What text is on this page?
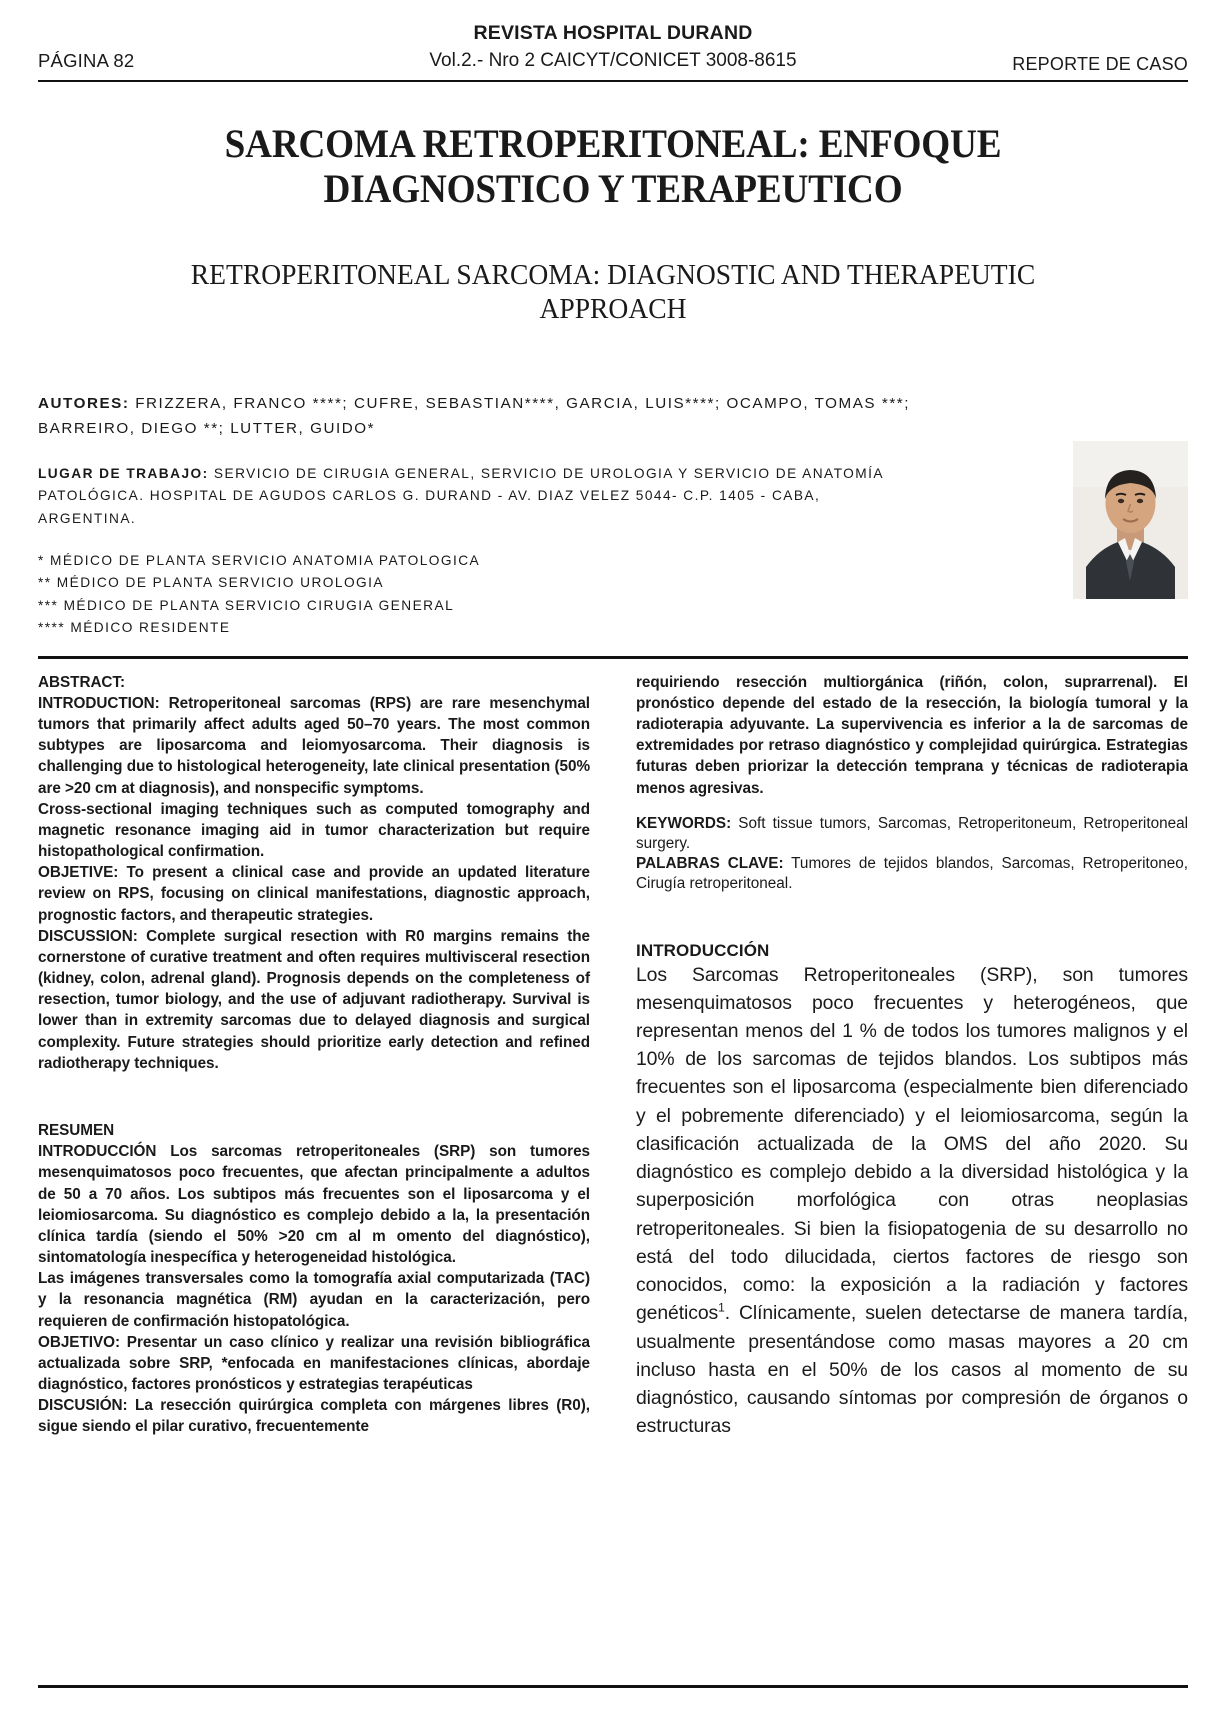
REVISTA HOSPITAL DURAND
Vol.2.- Nro 2 CAICYT/CONICET 3008-8615
PÁGINA 82	REPORTE DE CASO
SARCOMA RETROPERITONEAL: ENFOQUE DIAGNOSTICO Y TERAPEUTICO
RETROPERITONEAL SARCOMA: DIAGNOSTIC AND THERAPEUTIC APPROACH
AUTORES: FRIZZERA, FRANCO ****; CUFRE, SEBASTIAN****, GARCIA, LUIS****; OCAMPO, TOMAS ***; BARREIRO, DIEGO **; LUTTER, GUIDO*
LUGAR DE TRABAJO: SERVICIO DE CIRUGIA GENERAL, SERVICIO DE UROLOGIA Y SERVICIO DE ANATOMÍA PATOLÓGICA. HOSPITAL DE AGUDOS CARLOS G. DURAND - AV. DIAZ VELEZ 5044- C.P. 1405 - CABA, ARGENTINA.
* MÉDICO DE PLANTA SERVICIO ANATOMIA PATOLOGICA
** MÉDICO DE PLANTA SERVICIO UROLOGIA
*** MÉDICO DE PLANTA SERVICIO CIRUGIA GENERAL
**** MÉDICO RESIDENTE

ABSTRACT:

INTRODUCTION: Retroperitoneal sarcomas (RPS) are rare mesenchymal tumors that primarily affect adults aged 50–70 years. The most common subtypes are liposarcoma and leiomyosarcoma. Their diagnosis is challenging due to histological heterogeneity, late clinical presentation (50% are >20 cm at diagnosis), and nonspecific symptoms.

Cross-sectional imaging techniques such as computed tomography and magnetic resonance imaging aid in tumor characterization but require histopathological confirmation.

OBJETIVE: To present a clinical case and provide an updated literature review on RPS, focusing on clinical manifestations, diagnostic approach, prognostic factors, and therapeutic strategies.

DISCUSSION: Complete surgical resection with R0 margins remains the cornerstone of curative treatment and often requires multivisceral resection (kidney, colon, adrenal gland). Prognosis depends on the completeness of resection, tumor biology, and the use of adjuvant radiotherapy. Survival is lower than in extremity sarcomas due to delayed diagnosis and surgical complexity. Future strategies should prioritize early detection and refined radiotherapy techniques.

RESUMEN

INTRODUCCIÓN Los sarcomas retroperitoneales (SRP) son tumores mesenquimatosos poco frecuentes, que afectan principalmente a adultos de 50 a 70 años. Los subtipos más frecuentes son el liposarcoma y el leiomiosarcoma. Su diagnóstico es complejo debido a la, la presentación clínica tardía (siendo el 50% >20 cm al m omento del diagnóstico), sintomatología inespecífica y heterogeneidad histológica.

Las imágenes transversales como la tomografía axial computarizada (TAC) y la resonancia magnética (RM) ayudan en la caracterización, pero requieren de confirmación histopatológica.

OBJETIVO: Presentar un caso clínico y realizar una revisión bibliográfica actualizada sobre SRP, *enfocada en manifestaciones clínicas, abordaje diagnóstico, factores pronósticos y estrategias terapéuticas

DISCUSIÓN: La resección quirúrgica completa con márgenes libres (R0), sigue siendo el pilar curativo, frecuentemente

requiriendo resección multiorgánica (riñón, colon, suprarrenal). El pronóstico depende del estado de la resección, la biología tumoral y la radioterapia adyuvante. La supervivencia es inferior a la de sarcomas de extremidades por retraso diagnóstico y complejidad quirúrgica. Estrategias futuras deben priorizar la detección temprana y técnicas de radioterapia menos agresivas.

KEYWORDS: Soft tissue tumors, Sarcomas, Retroperitoneum, Retroperitoneal surgery.

PALABRAS CLAVE: Tumores de tejidos blandos, Sarcomas, Retroperitoneo, Cirugía retroperitoneal.

INTRODUCCIÓN

Los Sarcomas Retroperitoneales (SRP), son tumores mesenquimatosos poco frecuentes y heterogéneos, que representan menos del 1 % de todos los tumores malignos y el 10% de los sarcomas de tejidos blandos. Los subtipos más frecuentes son el liposarcoma (especialmente bien diferenciado y el pobremente diferenciado) y el leiomiosarcoma, según la clasificación actualizada de la OMS del año 2020. Su diagnóstico es complejo debido a la diversidad histológica y la superposición morfológica con otras neoplasias retroperitoneales. Si bien la fisiopatogenia de su desarrollo no está del todo dilucidada, ciertos factores de riesgo son conocidos, como: la exposición a la radiación y factores genéticos$^1$. Clínicamente, suelen detectarse de manera tardía, usualmente presentándose como masas mayores a 20 cm incluso hasta en el 50% de los casos al momento de su diagnóstico, causando síntomas por compresión de órganos o estructuras
